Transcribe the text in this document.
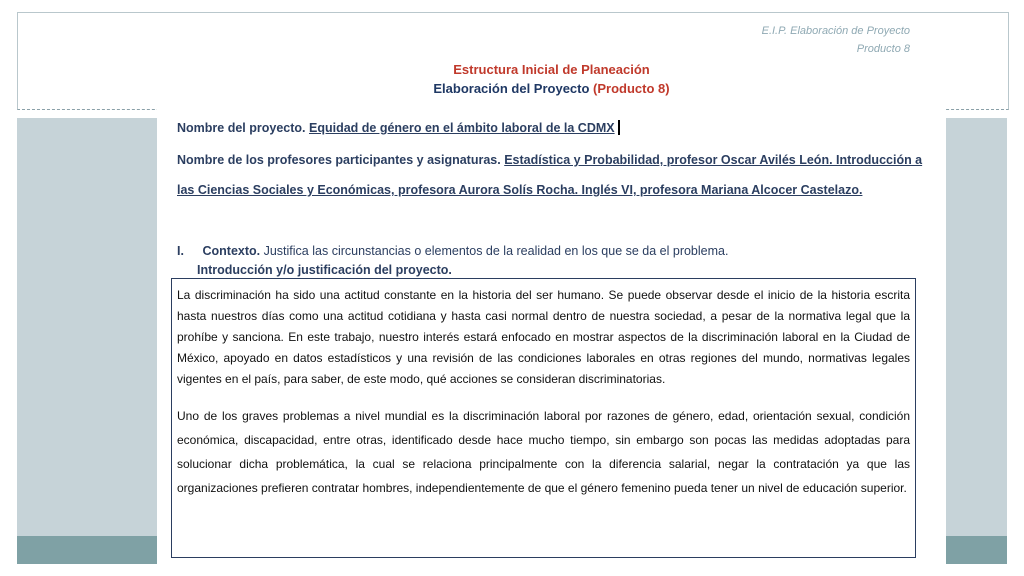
E.I.P. Elaboración de Proyecto
Producto 8
Estructura Inicial de Planeación
Elaboración del Proyecto (Producto 8)
Nombre del proyecto. Equidad de género en el ámbito laboral de la CDMX
Nombre de los profesores participantes y asignaturas. Estadística y Probabilidad, profesor Oscar Avilés León. Introducción a
las Ciencias Sociales y Económicas, profesora Aurora Solís Rocha. Inglés VI, profesora Mariana Alcocer Castelazo.
I. Contexto. Justifica las circunstancias o elementos de la realidad en los que se da el problema.
Introducción y/o justificación del proyecto.

La discriminación ha sido una actitud constante en la historia del ser humano. Se puede observar desde el inicio de la historia escrita hasta nuestros días como una actitud cotidiana y hasta casi normal dentro de nuestra sociedad, a pesar de la normativa legal que la prohíbe y sanciona. En este trabajo, nuestro interés estará enfocado en mostrar aspectos de la discriminación laboral en la Ciudad de México, apoyado en datos estadísticos y una revisión de las condiciones laborales en otras regiones del mundo, normativas legales vigentes en el país, para saber, de este modo, qué acciones se consideran discriminatorias.

Uno de los graves problemas a nivel mundial es la discriminación laboral por razones de género, edad, orientación sexual, condición económica, discapacidad, entre otras, identificado desde hace mucho tiempo, sin embargo son pocas las medidas adoptadas para solucionar dicha problemática, la cual se relaciona principalmente con la diferencia salarial, negar la contratación ya que las organizaciones prefieren contratar hombres, independientemente de que el género femenino pueda tener un nivel de educación superior.
